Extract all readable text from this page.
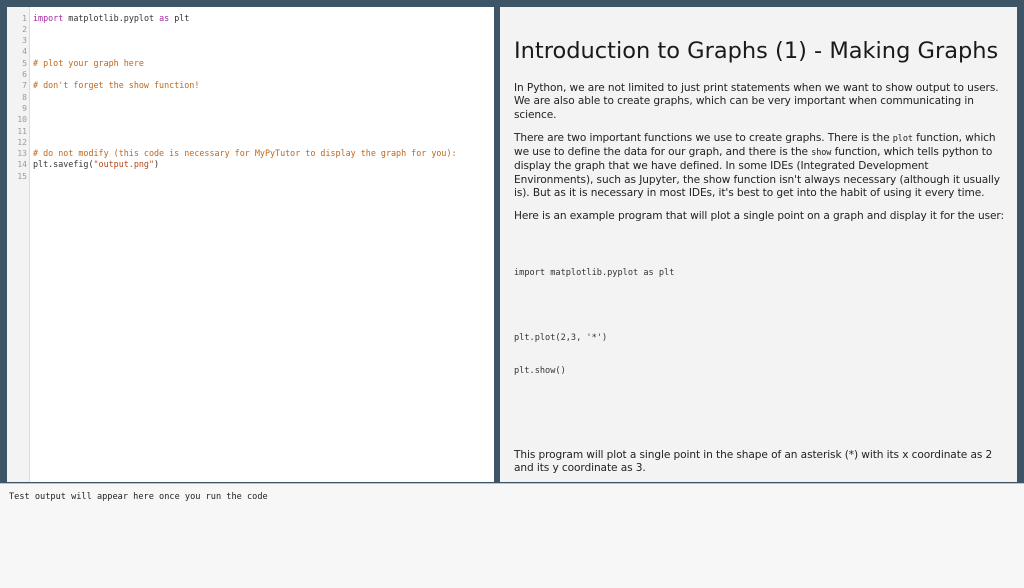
1 import matplotlib.pyplot as plt
2
3
4
5 # plot your graph here
6
7 # don't forget the show function!
8
9
10
11
12
13 # do not modify (this code is necessary for MyPyTutor to display the graph for you):
14 plt.savefig("output.png")
15
Introduction to Graphs (1) - Making Graphs

In Python, we are not limited to just print statements when we want to show output to users. We are also able to create graphs, which can be very important when communicating in science.

There are two important functions we use to create graphs. There is the plot function, which we use to define the data for our graph, and there is the show function, which tells python to display the graph that we have defined. In some IDEs (Integrated Development Environments), such as Jupyter, the show function isn't always necessary (although it usually is). But as it is necessary in most IDEs, it's best to get into the habit of using it every time.

Here is an example program that will plot a single point on a graph and display it for the user:

import matplotlib.pyplot as plt

plt.plot(2,3, '*')

plt.show()

This program will plot a single point in the shape of an asterisk (*) with its x coordinate as 2 and its y coordinate as 3.

Test output will appear here once you run the code
